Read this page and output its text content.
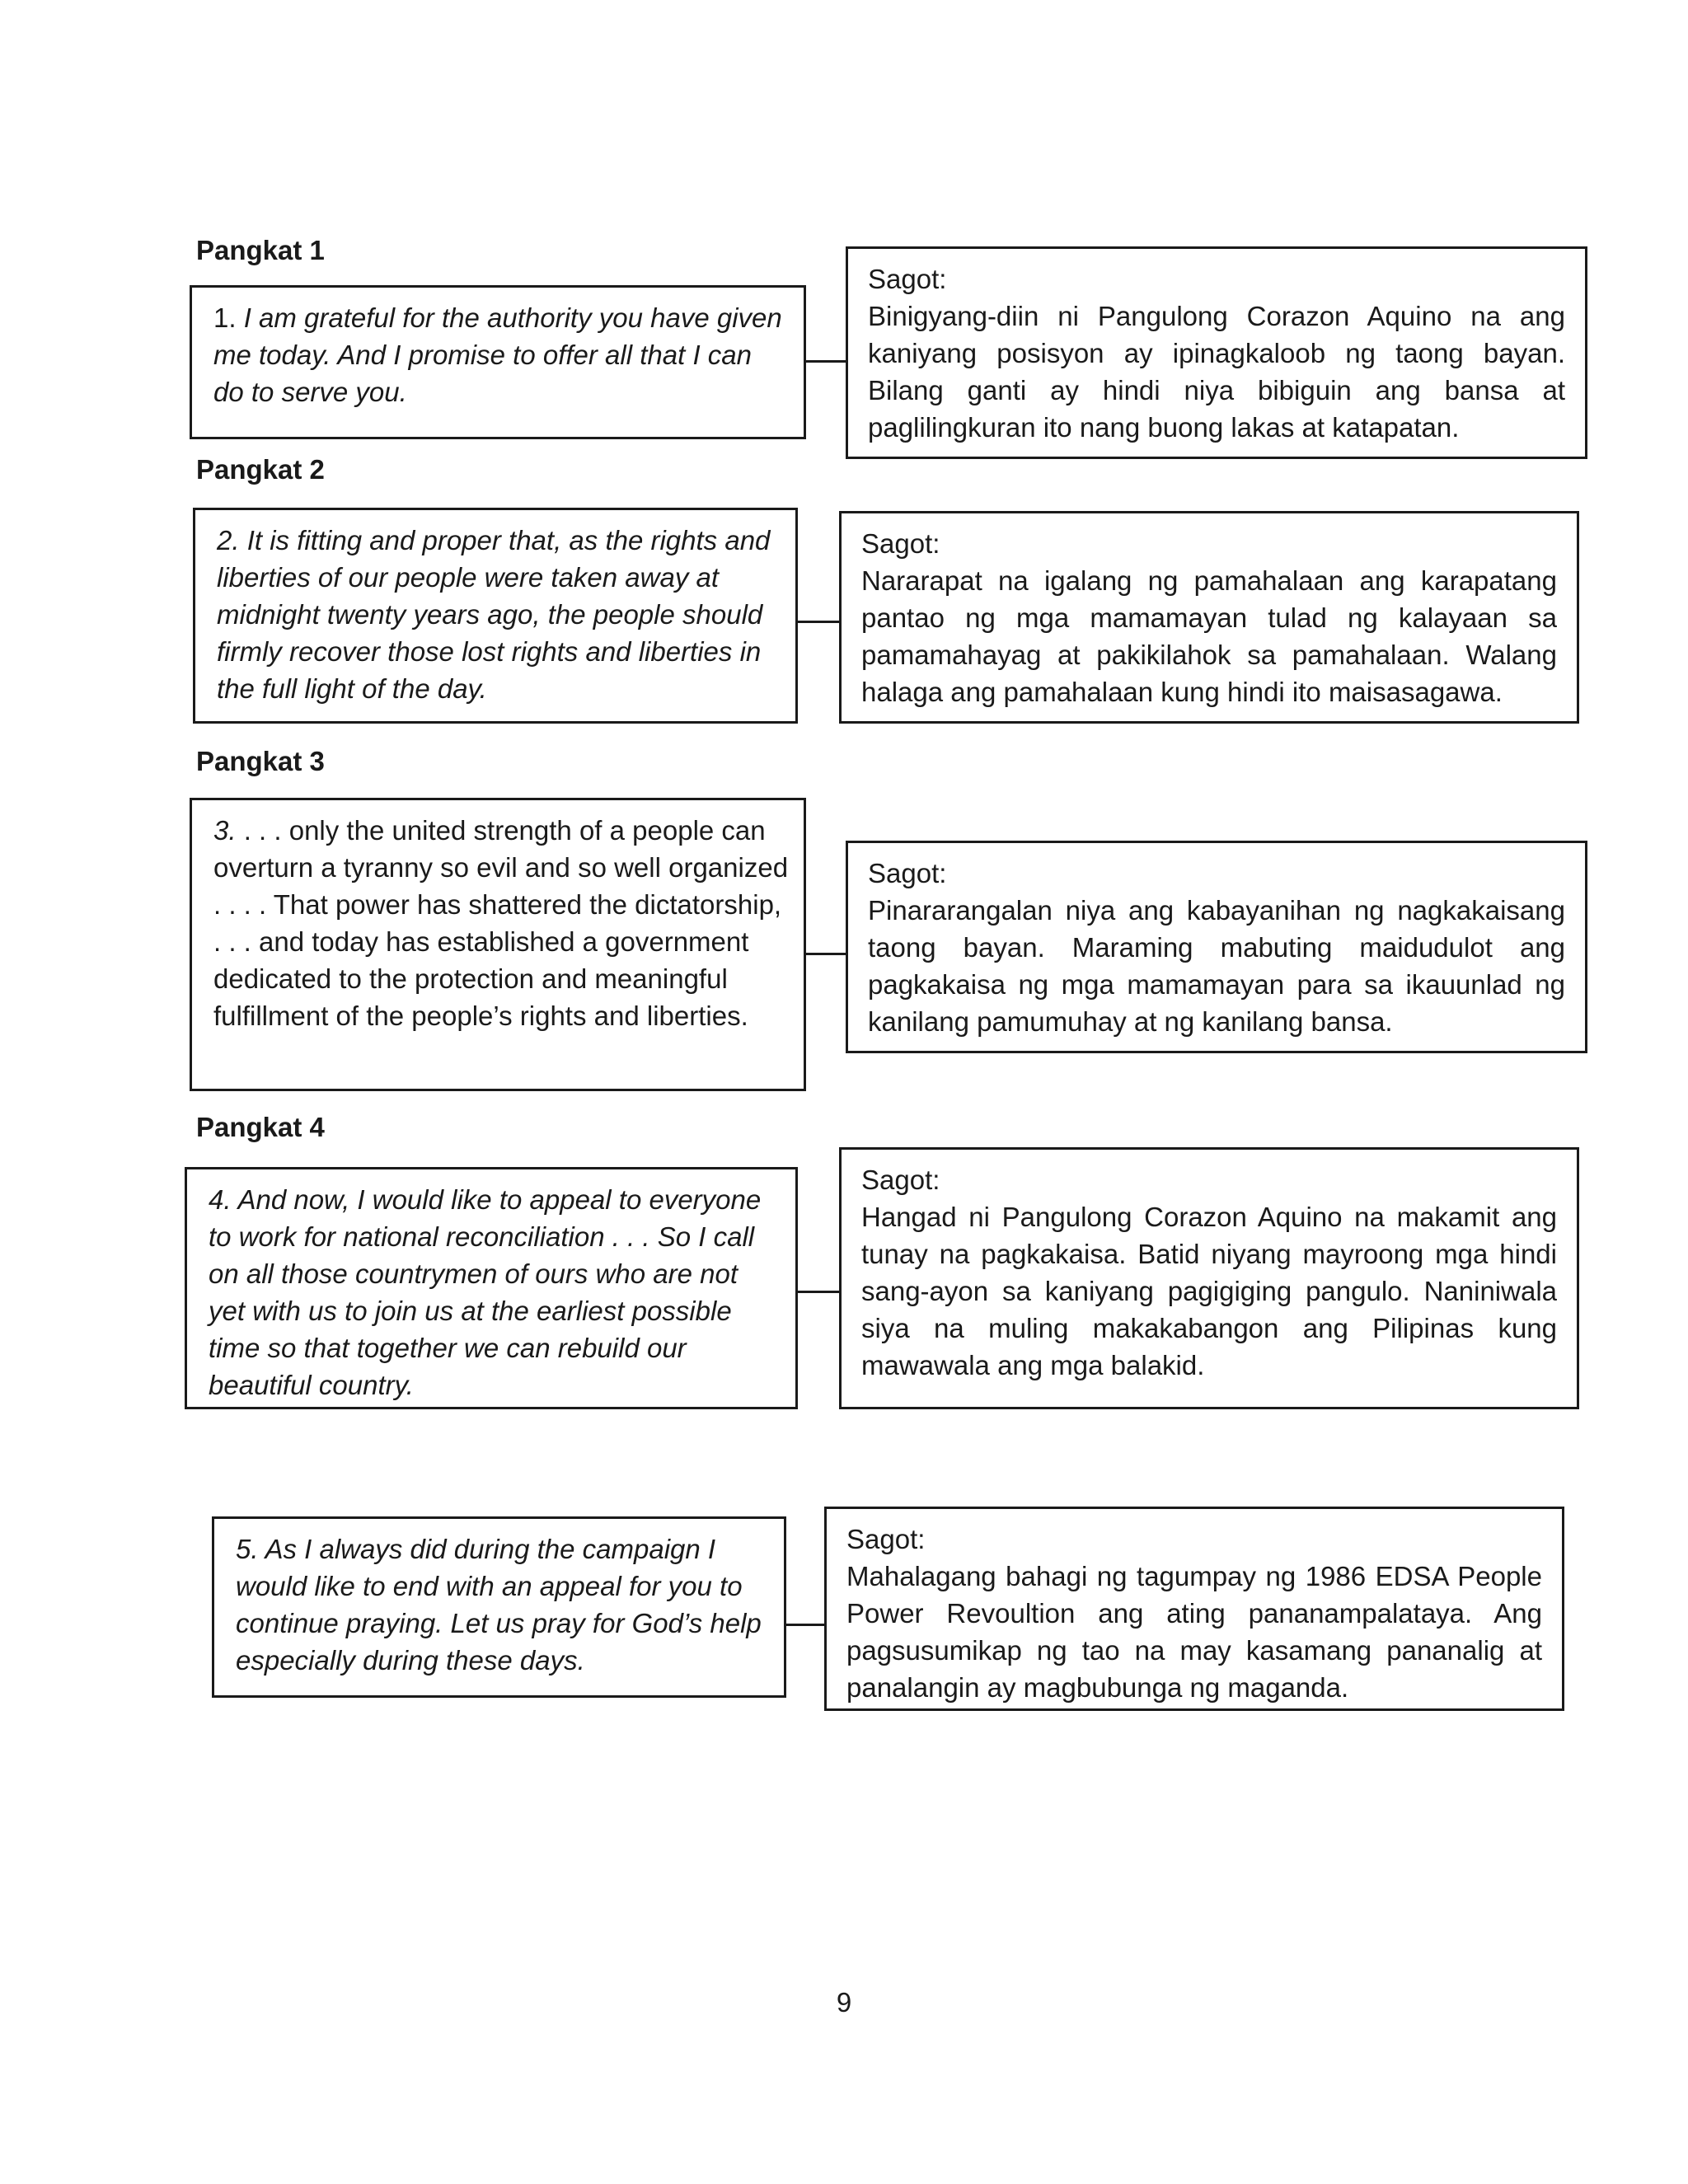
Pangkat 1
1. I am grateful for the authority you have given me today. And I promise to offer all that I can do to serve you.
Sagot:
Binigyang-diin ni Pangulong Corazon Aquino na ang kaniyang posisyon ay ipinagkaloob ng taong bayan. Bilang ganti ay hindi niya bibiguin ang bansa at paglilingkuran ito nang buong lakas at katapatan.
Pangkat 2
2. It is fitting and proper that, as the rights and liberties of our people were taken away at midnight twenty years ago, the people should firmly recover those lost rights and liberties in the full light of the day.
Sagot:
Nararapat na igalang ng pamahalaan ang karapatang pantao ng mga mamamayan tulad ng kalayaan sa pamamahayag at pakikilahok sa pamahalaan. Walang halaga ang pamahalaan kung hindi ito maisasagawa.
Pangkat 3
3. . . . only the united strength of a people can overturn a tyranny so evil and so well organized . . . . That power has shattered the dictatorship, . . . and today has established a government dedicated to the protection and meaningful fulfillment of the people’s rights and liberties.
Sagot:
Pinararangalan niya ang kabayanihan ng nagkakaisang taong bayan. Maraming mabuting maidudulot ang pagkakaisa ng mga mamamayan para sa ikauunlad ng kanilang pamumuhay at ng kanilang bansa.
Pangkat 4
4. And now, I would like to appeal to everyone to work for national reconciliation . . . So I call on all those countrymen of ours who are not yet with us to join us at the earliest possible time so that together we can rebuild our beautiful country.
Sagot:
Hangad ni Pangulong Corazon Aquino na makamit ang tunay na pagkakaisa. Batid niyang mayroong mga hindi sang-ayon sa kaniyang pagigiging pangulo. Naniniwala siya na muling makakabangon ang Pilipinas kung mawawala ang mga balakid.
5. As I always did during the campaign I would like to end with an appeal for you to continue praying. Let us pray for God’s help especially during these days.
Sagot:
Mahalagang bahagi ng tagumpay ng 1986 EDSA People Power Revoultion ang ating pananampalataya. Ang pagsusumikap ng tao na may kasamang pananalig at panalangin ay magbubunga ng maganda.
9
